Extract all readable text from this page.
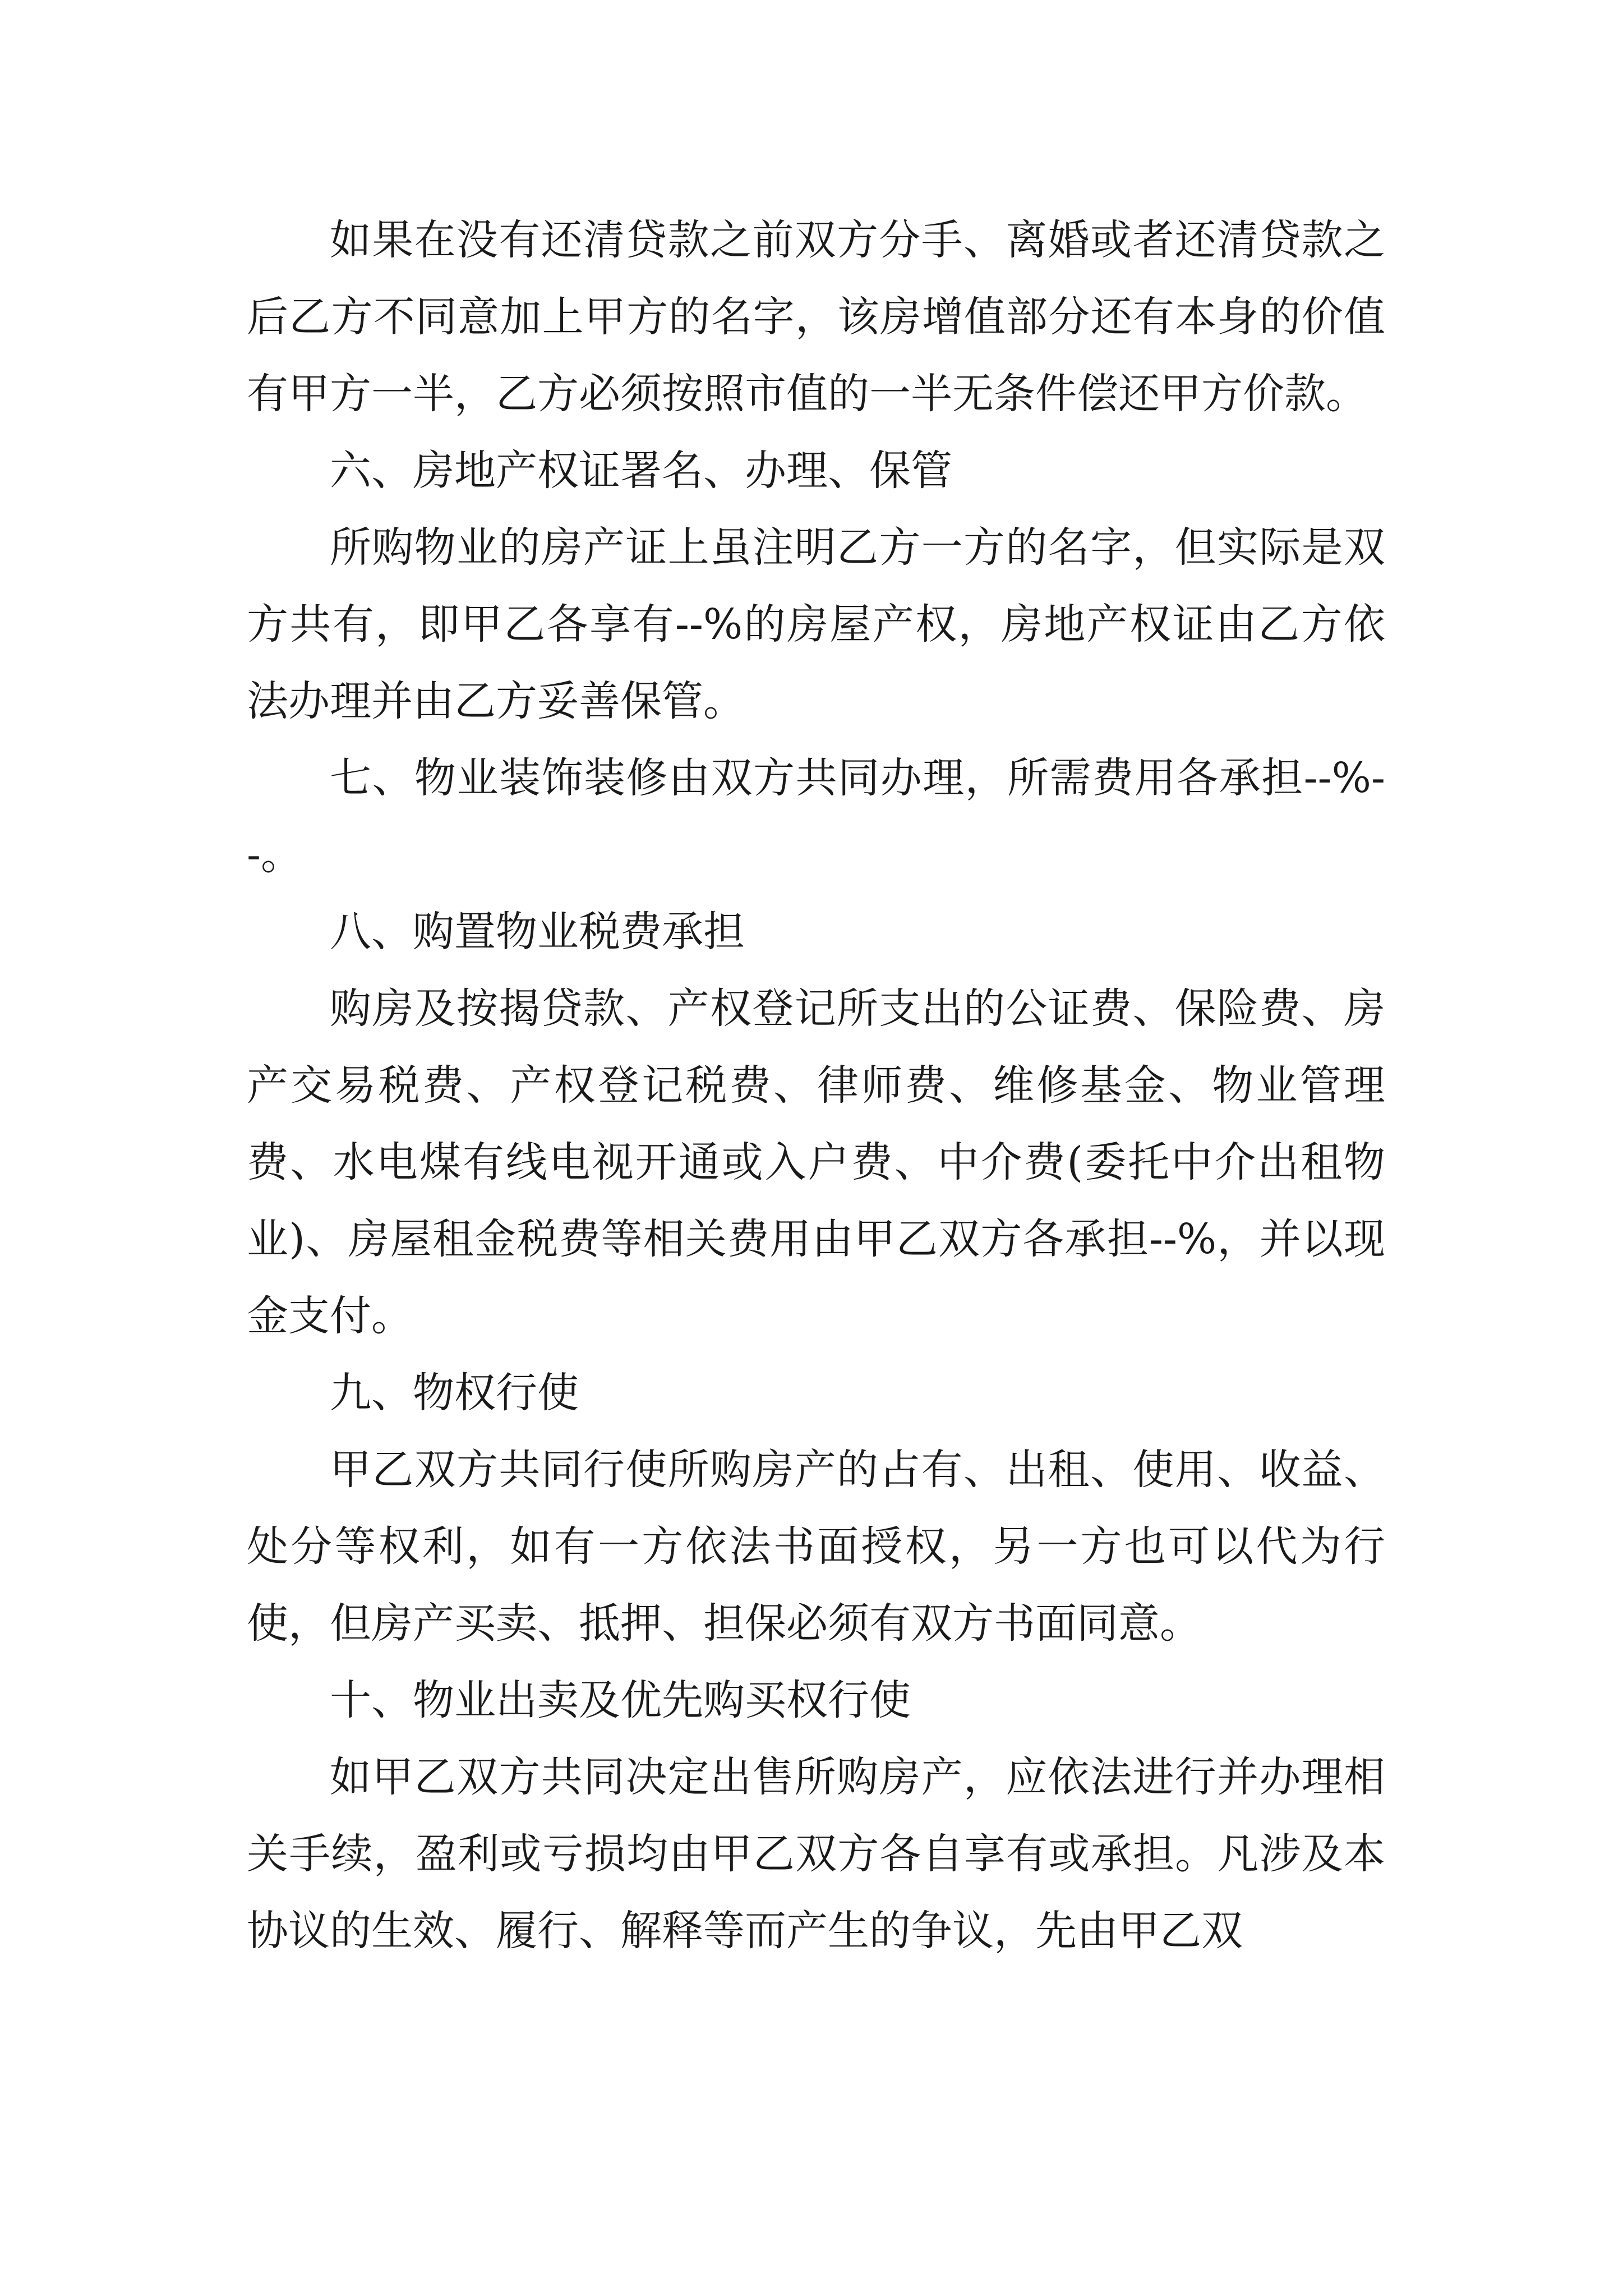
如果在没有还清贷款之前双方分手、离婚或者还清贷款之后乙方不同意加上甲方的名字，该房增值部分还有本身的价值有甲方一半，乙方必须按照市值的一半无条件偿还甲方价款。

六、房地产权证署名、办理、保管

所购物业的房产证上虽注明乙方一方的名字，但实际是双方共有，即甲乙各享有--%的房屋产权，房地产权证由乙方依法办理并由乙方妥善保管。

七、物业装饰装修由双方共同办理，所需费用各承担--%--。

八、购置物业税费承担

购房及按揭贷款、产权登记所支出的公证费、保险费、房产交易税费、产权登记税费、律师费、维修基金、物业管理费、水电煤有线电视开通或入户费、中介费(委托中介出租物业)、房屋租金税费等相关费用由甲乙双方各承担--%，并以现金支付。

九、物权行使

甲乙双方共同行使所购房产的占有、出租、使用、收益、处分等权利，如有一方依法书面授权，另一方也可以代为行使，但房产买卖、抵押、担保必须有双方书面同意。

十、物业出卖及优先购买权行使

如甲乙双方共同决定出售所购房产，应依法进行并办理相关手续，盈利或亏损均由甲乙双方各自享有或承担。凡涉及本协议的生效、履行、解释等而产生的争议，先由甲乙双
